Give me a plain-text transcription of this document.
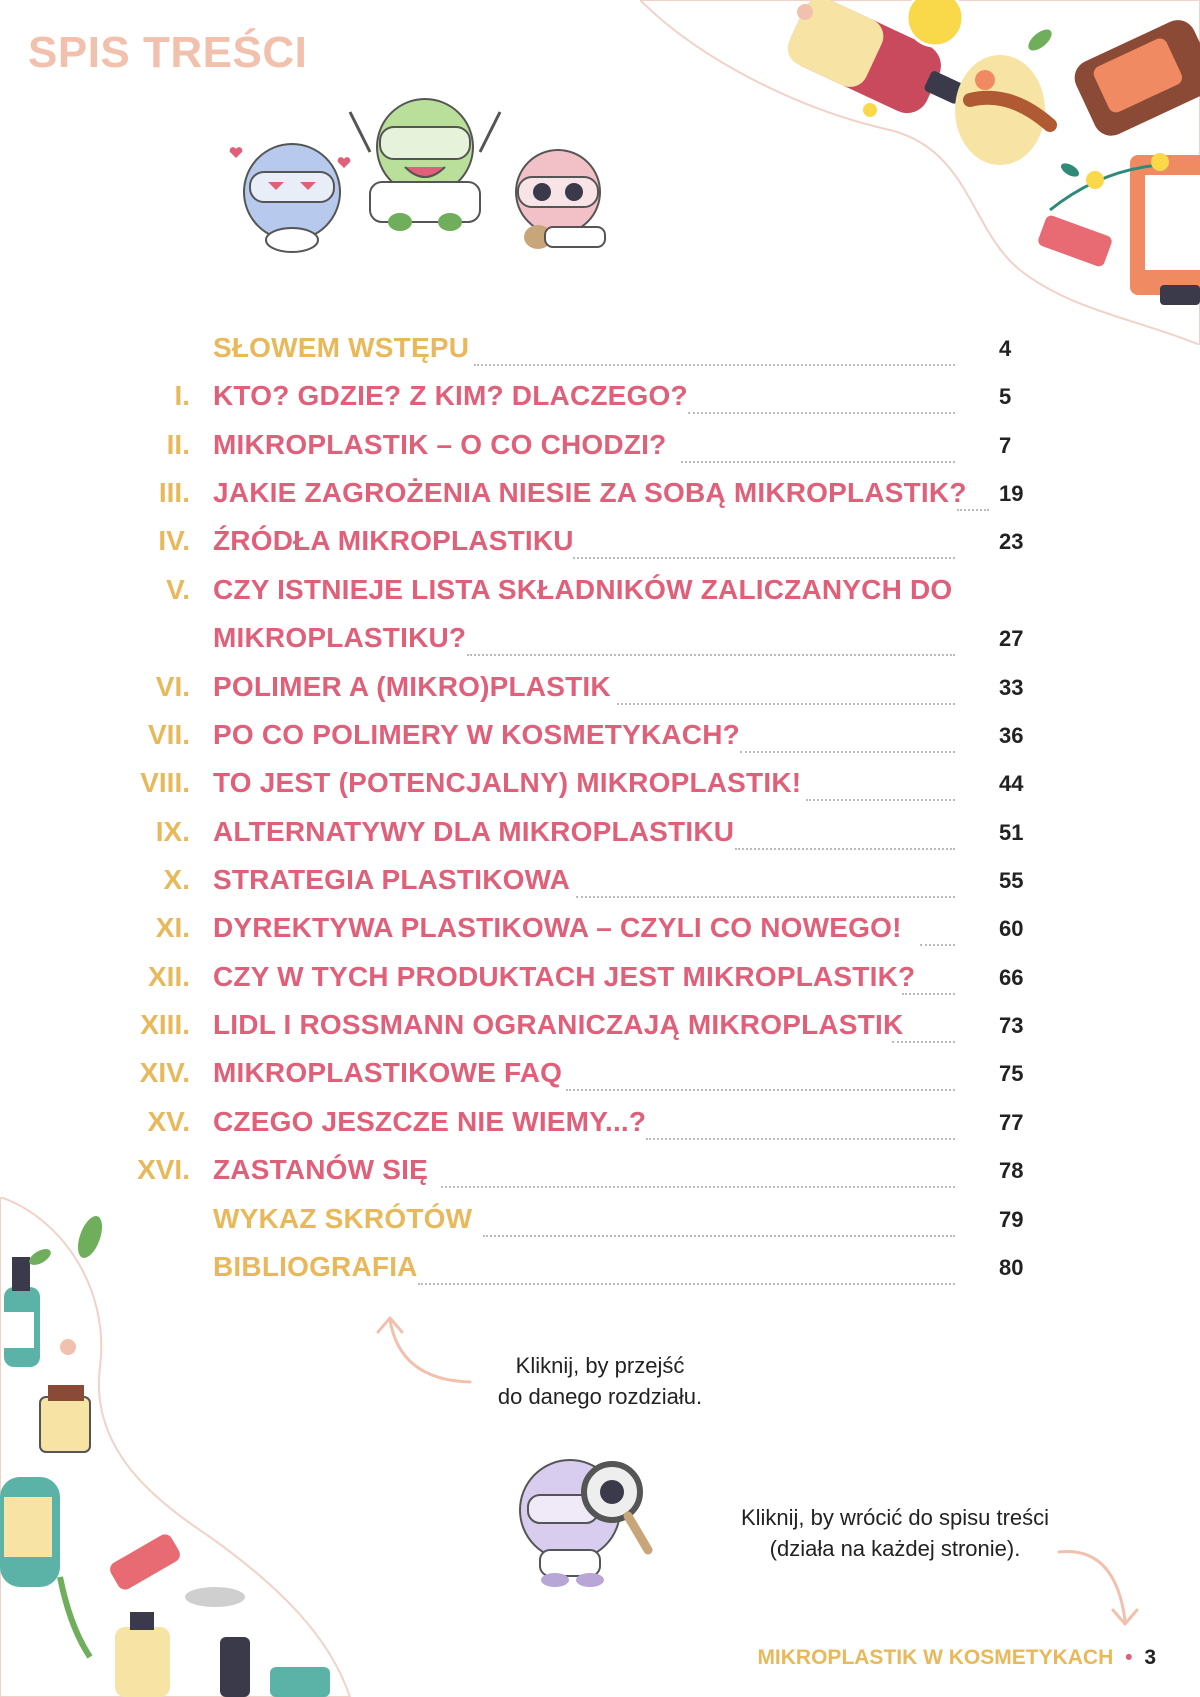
SPIS TREŚCI
SŁOWEM WSTĘPU	4
I. KTO? GDZIE? Z KIM? DLACZEGO?	5
II. MIKROPLASTIK – O CO CHODZI?	7
III. JAKIE ZAGROŻENIA NIESIE ZA SOBĄ MIKROPLASTIK? 19
IV. ŹRÓDŁA MIKROPLASTIKU	23
V. CZY ISTNIEJE LISTA SKŁADNIKÓW ZALICZANYCH DO
MIKROPLASTIKU?	27
VI. POLIMER A (MIKRO)PLASTIK	33
VII. PO CO POLIMERY W KOSMETYKACH?	36
VIII. TO JEST (POTENCJALNY) MIKROPLASTIK!	44
IX. ALTERNATYWY DLA MIKROPLASTIKU	51
X. STRATEGIA PLASTIKOWA	55
XI. DYREKTYWA PLASTIKOWA – CZYLI CO NOWEGO!	60
XII. CZY W TYCH PRODUKTACH JEST MIKROPLASTIK?	66
XIII. LIDL I ROSSMANN OGRANICZAJĄ MIKROPLASTIK	73
XIV. MIKROPLASTIKOWE FAQ	75
XV. CZEGO JESZCZE NIE WIEMY...?	77
XVI. ZASTANÓW SIĘ	78
WYKAZ SKRÓTÓW	79
BIBLIOGRAFIA	80
Kliknij, by przejść
do danego rozdziału.
Kliknij, by wrócić do spisu treści
(działa na każdej stronie).
MIKROPLASTIK W KOSMETYKACH • 3
